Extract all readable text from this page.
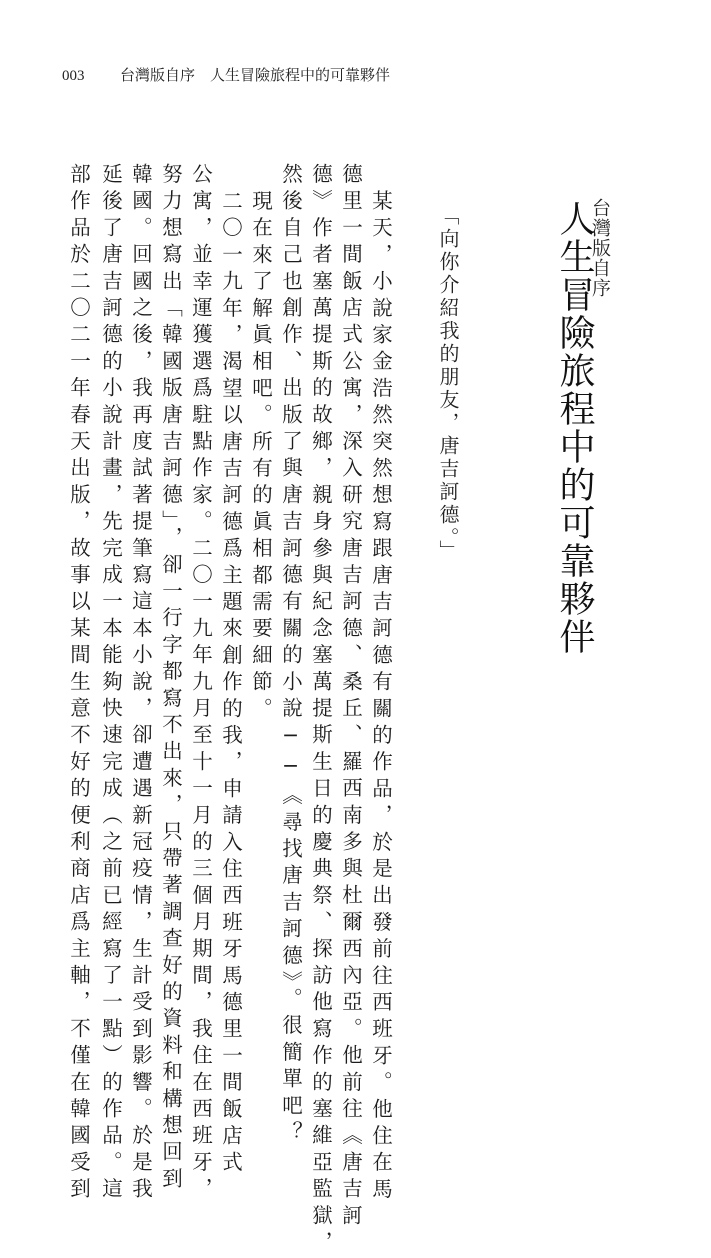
003 台灣版自序　人生冒險旅程中的可靠夥伴
台灣版自序
人生冒險旅程中的可靠夥伴
「向你介紹我的朋友，唐吉訶德。」
某天，小說家金浩然突然想寫跟唐吉訶德有關的作品，於是出發前往西班牙。他住在馬
德里一間飯店式公寓，深入研究唐吉訶德、桑丘、羅西南多與杜爾西內亞。他前往《唐吉訶
德》作者塞萬提斯的故鄉，親身參與紀念塞萬提斯生日的慶典祭、探訪他寫作的塞維亞監獄，
然後自己也創作、出版了與唐吉訶德有關的小說──《尋找唐吉訶德》。很簡單吧？
現在來了解眞相吧。所有的眞相都需要細節。
二〇一九年，渴望以唐吉訶德爲主題來創作的我，申請入住西班牙馬德里一間飯店式
公寓，並幸運獲選爲駐點作家。二〇一九年九月至十一月的三個月期間，我住在西班牙，
努力想寫出「韓國版唐吉訶德」，卻一行字都寫不出來，只帶著調查好的資料和構想回到
韓國。回國之後，我再度試著提筆寫這本小說，卻遭遇新冠疫情，生計受到影響。於是我
延後了唐吉訶德的小說計畫，先完成一本能夠快速完成（之前已經寫了一點）的作品。這
部作品於二〇二一年春天出版，故事以某間生意不好的便利商店爲主軸，不僅在韓國受到
